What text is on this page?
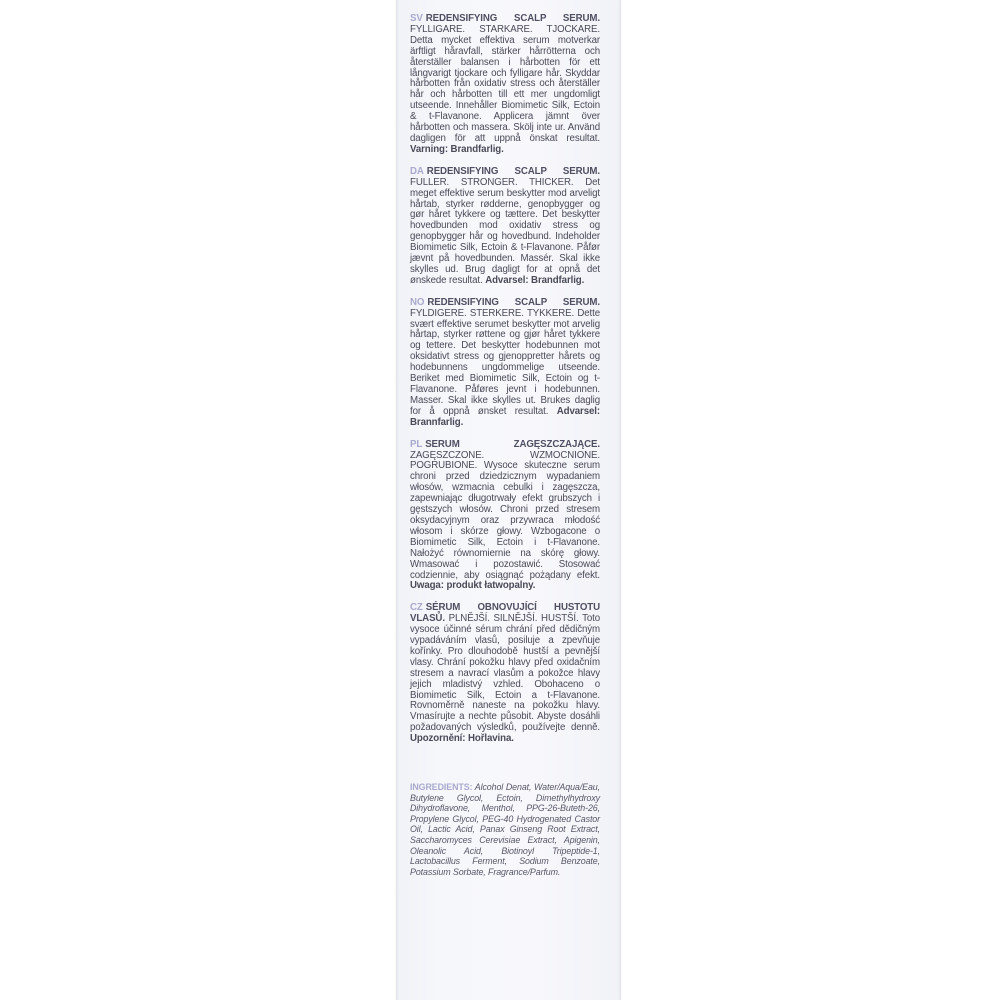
SV REDENSIFYING SCALP SERUM. FYLLIGARE. STARKARE. TJOCKARE. Detta mycket effektiva serum motverkar ärftligt håravfall, stärker hårrötterna och återställer balansen i hårbotten för ett långvarigt tjockare och fylligare hår. Skyddar hårbotten från oxidativ stress och återställer hår och hårbotten till ett mer ungdomligt utseende. Innehåller Biomimetic Silk, Ectoin & t-Flavanone. Applicera jämnt över hårbotten och massera. Skölj inte ur. Använd dagligen för att uppnå önskat resultat. Varning: Brandfarlig.

DA REDENSIFYING SCALP SERUM. FULLER. STRONGER. THICKER. Det meget effektive serum beskytter mod arveligt hårtab, styrker rødderne, genopbygger og gør håret tykkere og tættere. Det beskytter hovedbunden mod oxidativ stress og genopbygger hår og hovedbund. Indeholder Biomimetic Silk, Ectoin & t-Flavanone. Påfør jævnt på hovedbunden. Massér. Skal ikke skylles ud. Brug dagligt for at opnå det ønskede resultat. Advarsel: Brandfarlig.

NO REDENSIFYING SCALP SERUM. FYLDIGERE. STERKERE. TYKKERE. Dette svært effektive serumet beskytter mot arvelig hårtap, styrker røttene og gjør håret tykkere og tettere. Det beskytter hodebunnen mot oksidativt stress og gjenoppretter hårets og hodebunnens ungdommelige utseende. Beriket med Biomimetic Silk, Ectoin og t-Flavanone. Påføres jevnt i hodebunnen. Masser. Skal ikke skylles ut. Brukes daglig for å oppnå ønsket resultat. Advarsel: Brannfarlig.

PL SERUM ZAGĘSZCZAJĄCE. ZAGĘSZCZONE. WZMOCNIONE. POGRUBIONE. Wysoce skuteczne serum chroni przed dziedzicznym wypadaniem włosów, wzmacnia cebulki i zagęszcza, zapewniając długotrwały efekt grubszych i gęstszych włosów. Chroni przed stresem oksydacyjnym oraz przywraca młodość włosom i skórze głowy. Wzbogacone o Biomimetic Silk, Ectoin i t-Flavanone. Nałożyć równomiernie na skórę głowy. Wmasować i pozostawić. Stosować codziennie, aby osiągnąć pożądany efekt. Uwaga: produkt łatwopalny.

CZ SÉRUM OBNOVUJÍCÍ HUSTOTU VLASŮ. PLNĚJŠÍ. SILNĚJŠÍ. HUSTŠÍ. Toto vysoce účinné sérum chrání před dědičným vypadáváním vlasů, posiluje a zpevňuje kořínky. Pro dlouhodobě hustší a pevnější vlasy. Chrání pokožku hlavy před oxidačním stresem a navrací vlasům a pokožce hlavy jejich mladistvý vzhled. Obohaceno o Biomimetic Silk, Ectoin a t-Flavanone. Rovnoměrně naneste na pokožku hlavy. Vmasírujte a nechte působit. Abyste dosáhli požadovaných výsledků, používejte denně. Upozornění: Hořlavina.

INGREDIENTS: Alcohol Denat, Water/Aqua/Eau, Butylene Glycol, Ectoin, Dimethylhydroxy Dihydroflavone, Menthol, PPG-26-Buteth-26, Propylene Glycol, PEG-40 Hydrogenated Castor Oil, Lactic Acid, Panax Ginseng Root Extract, Saccharomyces Cerevisiae Extract, Apigenin, Oleanolic Acid, Biotinoyl Tripeptide-1, Lactobacillus Ferment, Sodium Benzoate, Potassium Sorbate, Fragrance/Parfum.
